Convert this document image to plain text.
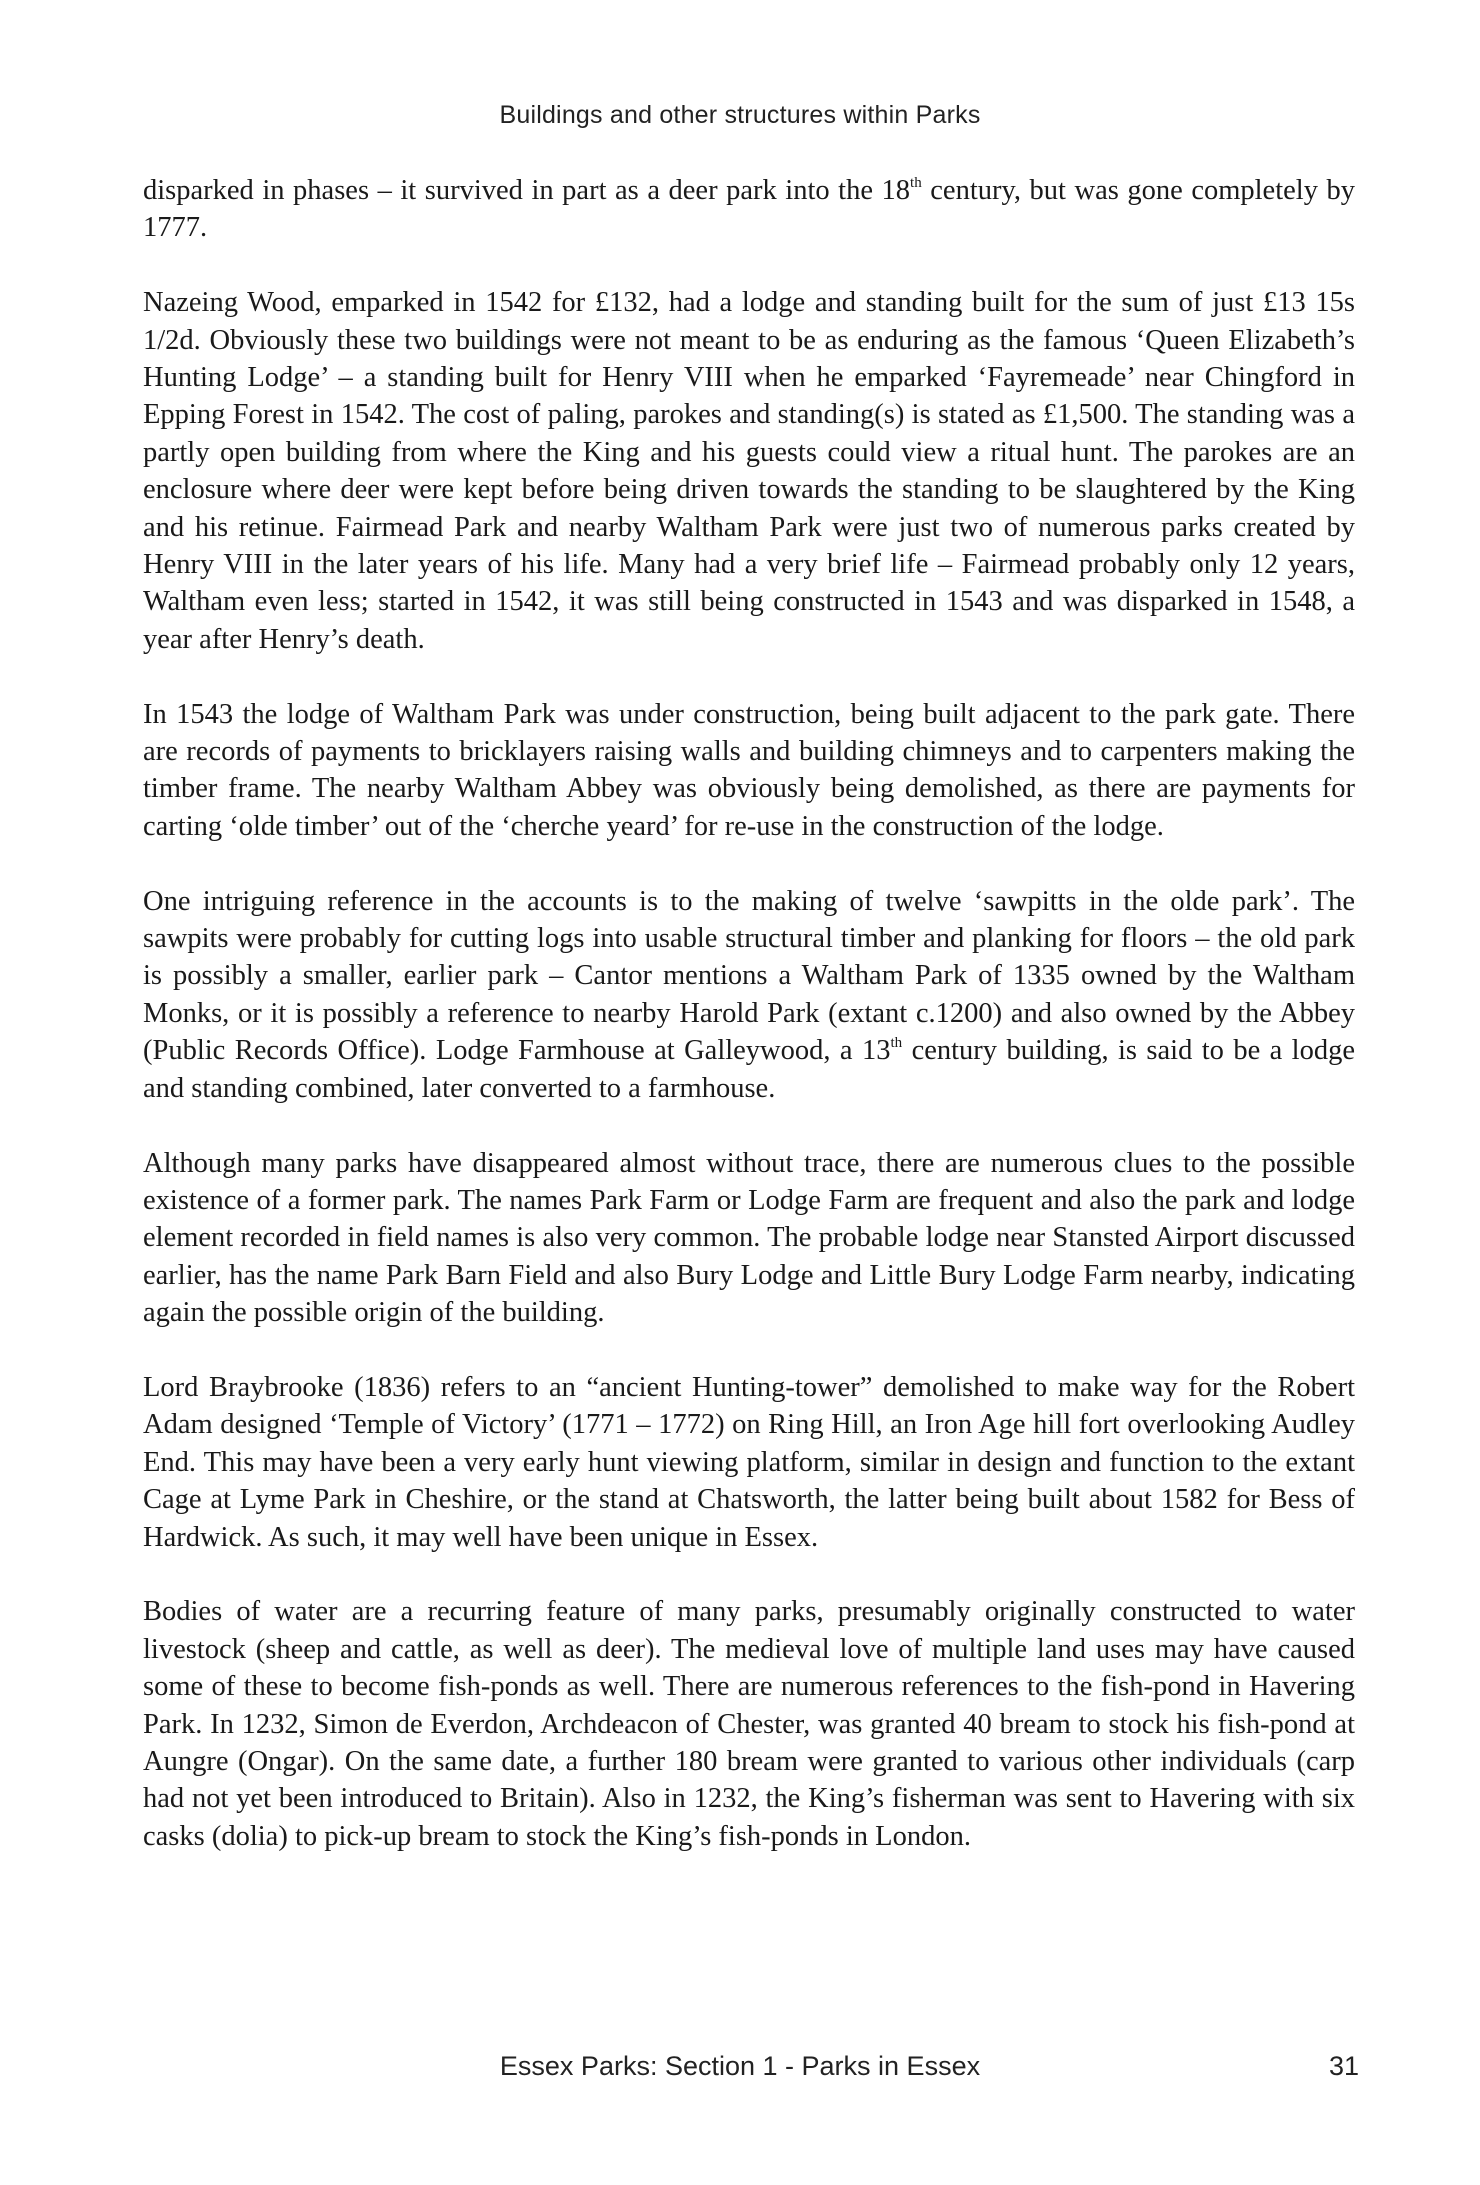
Buildings and other structures within Parks

disparked in phases – it survived in part as a deer park into the 18th century, but was gone completely by 1777.

Nazeing Wood, emparked in 1542 for £132, had a lodge and standing built for the sum of just £13 15s 1/2d. Obviously these two buildings were not meant to be as enduring as the famous ‘Queen Elizabeth’s Hunting Lodge’ – a standing built for Henry VIII when he emparked ‘Fayremeade’ near Chingford in Epping Forest in 1542. The cost of paling, parokes and standing(s) is stated as £1,500. The standing was a partly open building from where the King and his guests could view a ritual hunt. The parokes are an enclosure where deer were kept before being driven towards the standing to be slaughtered by the King and his retinue. Fairmead Park and nearby Waltham Park were just two of numerous parks created by Henry VIII in the later years of his life. Many had a very brief life – Fairmead probably only 12 years, Waltham even less; started in 1542, it was still being constructed in 1543 and was disparked in 1548, a year after Henry’s death.

In 1543 the lodge of Waltham Park was under construction, being built adjacent to the park gate. There are records of payments to bricklayers raising walls and building chimneys and to carpenters making the timber frame. The nearby Waltham Abbey was obviously being demolished, as there are payments for carting ‘olde timber’ out of the ‘cherche yeard’ for re-use in the construction of the lodge.

One intriguing reference in the accounts is to the making of twelve ‘sawpitts in the olde park’. The sawpits were probably for cutting logs into usable structural timber and planking for floors – the old park is possibly a smaller, earlier park – Cantor mentions a Waltham Park of 1335 owned by the Waltham Monks, or it is possibly a reference to nearby Harold Park (extant c.1200) and also owned by the Abbey (Public Records Office). Lodge Farmhouse at Galleywood, a 13th century building, is said to be a lodge and standing combined, later converted to a farmhouse.

Although many parks have disappeared almost without trace, there are numerous clues to the possible existence of a former park. The names Park Farm or Lodge Farm are frequent and also the park and lodge element recorded in field names is also very common. The probable lodge near Stansted Airport discussed earlier, has the name Park Barn Field and also Bury Lodge and Little Bury Lodge Farm nearby, indicating again the possible origin of the building.

Lord Braybrooke (1836) refers to an “ancient Hunting-tower” demolished to make way for the Robert Adam designed ‘Temple of Victory’ (1771 – 1772) on Ring Hill, an Iron Age hill fort overlooking Audley End. This may have been a very early hunt viewing platform, similar in design and function to the extant Cage at Lyme Park in Cheshire, or the stand at Chatsworth, the latter being built about 1582 for Bess of Hardwick. As such, it may well have been unique in Essex.

Bodies of water are a recurring feature of many parks, presumably originally constructed to water livestock (sheep and cattle, as well as deer). The medieval love of multiple land uses may have caused some of these to become fish-ponds as well. There are numerous references to the fish-pond in Havering Park. In 1232, Simon de Everdon, Archdeacon of Chester, was granted 40 bream to stock his fish-pond at Aungre (Ongar). On the same date, a further 180 bream were granted to various other individuals (carp had not yet been introduced to Britain). Also in 1232, the King’s fisherman was sent to Havering with six casks (dolia) to pick-up bream to stock the King’s fish-ponds in London.

Essex Parks: Section 1 - Parks in Essex	31
